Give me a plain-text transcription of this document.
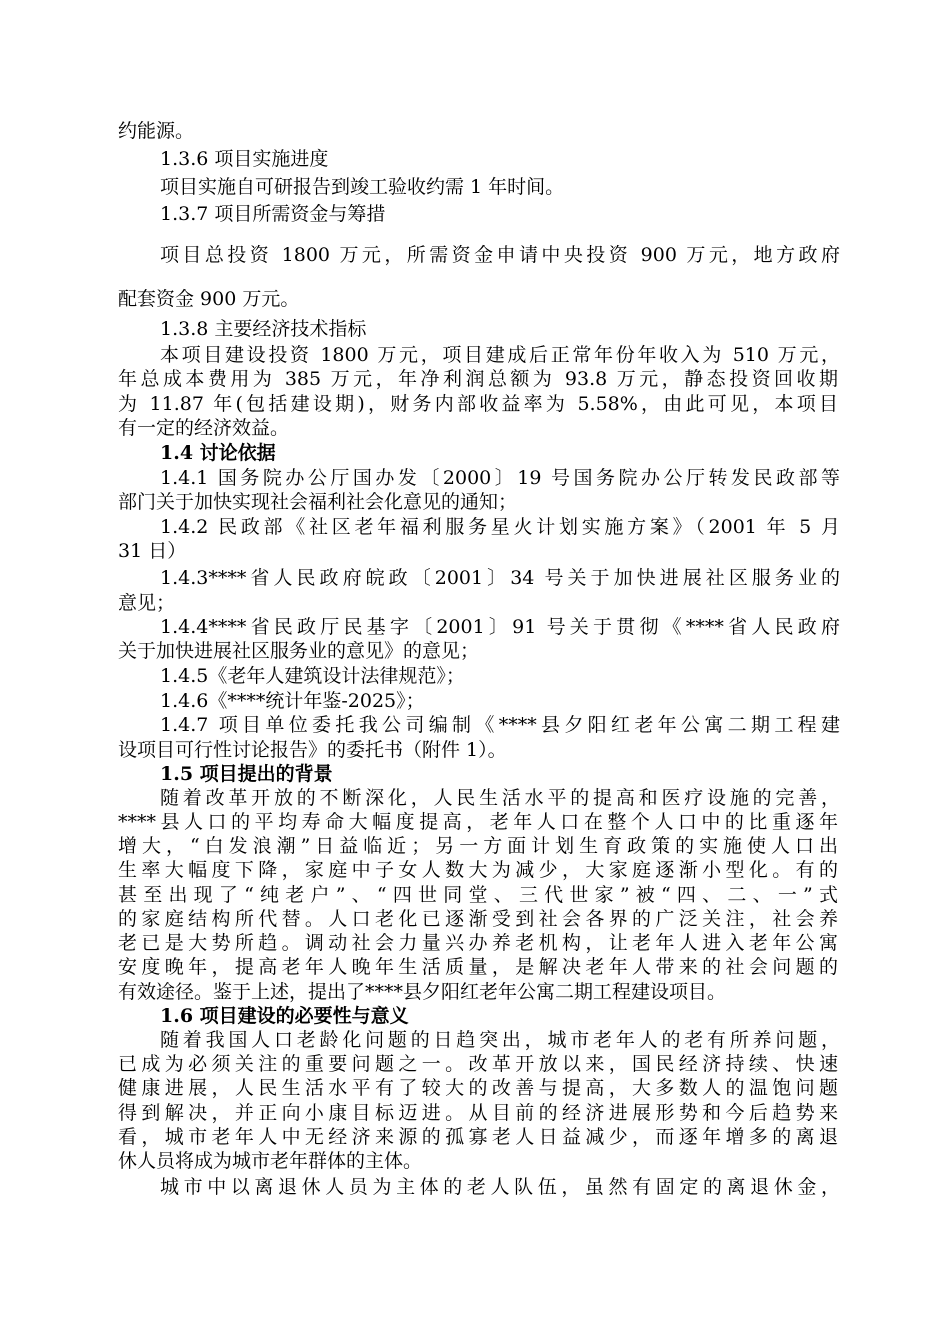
约能源。
1.3.6 项目实施进度
项目实施自可研报告到竣工验收约需 1 年时间。
1.3.7 项目所需资金与筹措
项目总投资 1800 万元，所需资金申请中央投资 900 万元，地方政府
配套资金 900 万元。
1.3.8 主要经济技术指标
本项目建设投资 1800 万元，项目建成后正常年份年收入为 510 万元，
年总成本费用为 385 万元，年净利润总额为 93.8 万元，静态投资回收期
为 11.87 年(包括建设期)，财务内部收益率为 5.58%，由此可见，本项目
有一定的经济效益。
1.4 讨论依据
1.4.1 国务院办公厅国办发〔2000〕19 号国务院办公厅转发民政部等
部门关于加快实现社会福利社会化意见的通知；
1.4.2 民政部《社区老年福利服务星火计划实施方案》（2001 年 5 月
31 日）
1.4.3****省人民政府皖政〔2001〕34 号关于加快进展社区服务业的
意见；
1.4.4****省民政厅民基字〔2001〕91 号关于贯彻《****省人民政府
关于加快进展社区服务业的意见》的意见；
1.4.5《老年人建筑设计法律规范》；
1.4.6《****统计年鉴-2025》；
1.4.7 项目单位委托我公司编制《****县夕阳红老年公寓二期工程建
设项目可行性讨论报告》的委托书（附件 1）。
1.5 项目提出的背景
随着改革开放的不断深化，人民生活水平的提高和医疗设施的完善，
****县人口的平均寿命大幅度提高，老年人口在整个人口中的比重逐年
增大，“白发浪潮”日益临近；另一方面计划生育政策的实施使人口出
生率大幅度下降，家庭中子女人数大为减少，大家庭逐渐小型化。有的
甚至出现了“纯老户”、“四世同堂、三代世家”被“四、二、一”式
的家庭结构所代替。人口老化已逐渐受到社会各界的广泛关注，社会养
老已是大势所趋。调动社会力量兴办养老机构，让老年人进入老年公寓
安度晚年，提高老年人晚年生活质量，是解决老年人带来的社会问题的
有效途径。鉴于上述，提出了****县夕阳红老年公寓二期工程建设项目。
1.6 项目建设的必要性与意义
随着我国人口老龄化问题的日趋突出，城市老年人的老有所养问题，
已成为必须关注的重要问题之一。改革开放以来，国民经济持续、快速
健康进展，人民生活水平有了较大的改善与提高，大多数人的温饱问题
得到解决，并正向小康目标迈进。从目前的经济进展形势和今后趋势来
看，城市老年人中无经济来源的孤寡老人日益减少，而逐年增多的离退
休人员将成为城市老年群体的主体。
城市中以离退休人员为主体的老人队伍，虽然有固定的离退休金，
